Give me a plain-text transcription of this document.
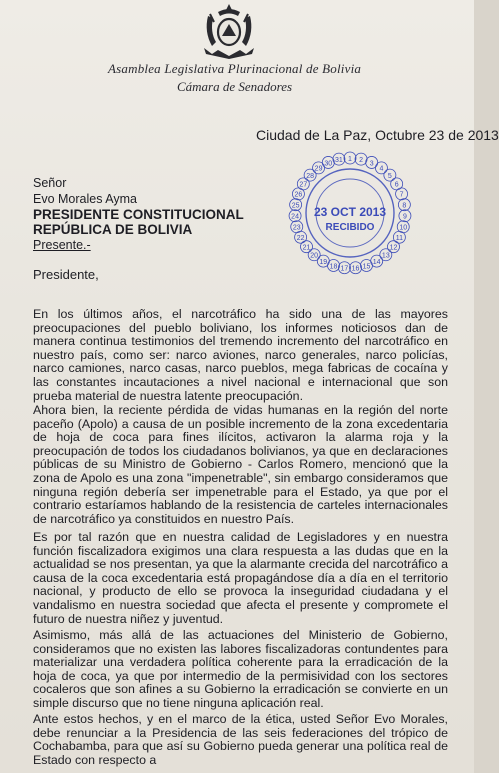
Asamblea Legislativa Plurinacional de Bolivia
Cámara de Senadores
Ciudad de La Paz, Octubre 23 de 2013
1 2 3
4
5
6
7
8
9
10
11
12
13
14
15
16
17
18
19
20
21
22
23
24
25
26
27
28
29
30 31
23 OCT 2013
RECIBIDO
Señor
Evo Morales Ayma
PRESIDENTE CONSTITUCIONAL
REPÚBLICA DE BOLIVIA
Presente.-
Presidente,

En los últimos años, el narcotráfico ha sido una de las mayores preocupaciones del pueblo boliviano, los informes noticiosos dan de manera continua testimonios del tremendo incremento del narcotráfico en nuestro país, como ser: narco aviones, narco generales, narco policías, narco camiones, narco casas, narco pueblos, mega fabricas de cocaína y las constantes incautaciones a nivel nacional e internacional que son prueba material de nuestra latente preocupación.

Ahora bien, la reciente pérdida de vidas humanas en la región del norte paceño (Apolo) a causa de un posible incremento de la zona excedentaria de hoja de coca para fines ilícitos, activaron la alarma roja y la preocupación de todos los ciudadanos bolivianos, ya que en declaraciones públicas de su Ministro de Gobierno - Carlos Romero, mencionó que la zona de Apolo es una zona "impenetrable", sin embargo consideramos que ninguna región debería ser impenetrable para el Estado, ya que por el contrario estaríamos hablando de la resistencia de carteles internacionales de narcotráfico ya constituidos en nuestro País.

Es por tal razón que en nuestra calidad de Legisladores y en nuestra función fiscalizadora exigimos una clara respuesta a las dudas que en la actualidad se nos presentan, ya que la alarmante crecida del narcotráfico a causa de la coca excedentaria está propagándose día a día en el territorio nacional, y producto de ello se provoca la inseguridad ciudadana y el vandalismo en nuestra sociedad que afecta el presente y compromete el futuro de nuestra niñez y juventud.

Asimismo, más allá de las actuaciones del Ministerio de Gobierno, consideramos que no existen las labores fiscalizadoras contundentes para materializar una verdadera política coherente para la erradicación de la hoja de coca, ya que por intermedio de la permisividad con los sectores cocaleros que son afines a su Gobierno la erradicación se convierte en un simple discurso que no tiene ninguna aplicación real.

Ante estos hechos, y en el marco de la ética, usted Señor Evo Morales, debe renunciar a la Presidencia de las seis federaciones del trópico de Cochabamba, para que así su Gobierno pueda generar una política real de Estado con respecto a
